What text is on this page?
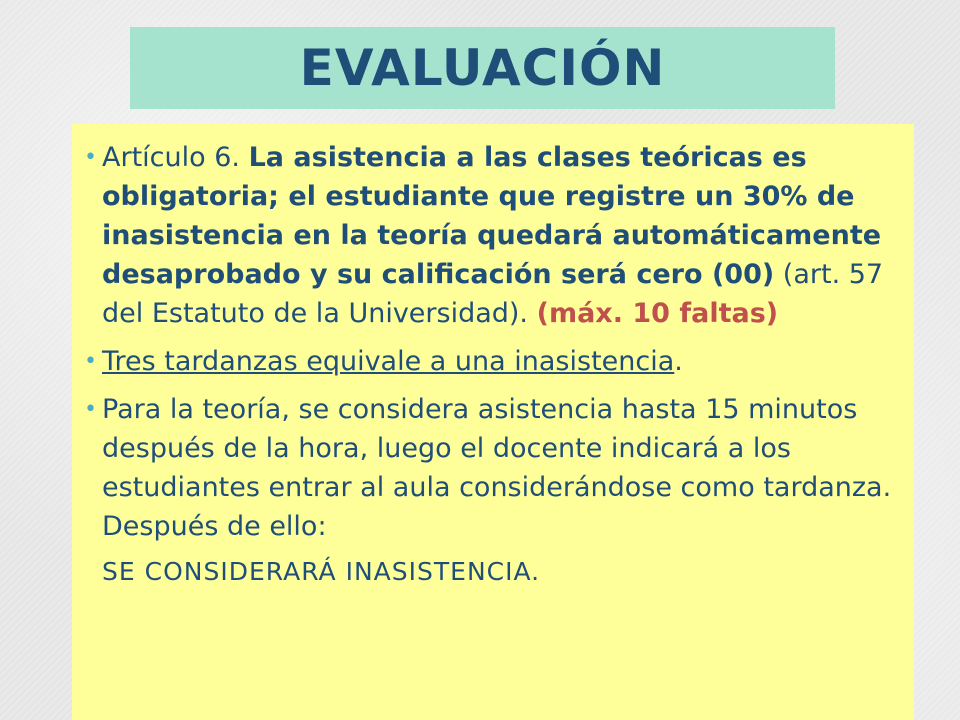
EVALUACIÓN
• Artículo 6. La asistencia a las clases teóricas es obligatoria; el estudiante que registre un 30% de inasistencia en la teoría quedará automáticamente desaprobado y su calificación será cero (00) (art. 57 del Estatuto de la Universidad). (máx. 10 faltas)
• Tres tardanzas equivale a una inasistencia.
• Para la teoría, se considera asistencia hasta 15 minutos después de la hora, luego el docente indicará a los estudiantes entrar al aula considerándose como tardanza. Después de ello:
SE CONSIDERARÁ INASISTENCIA.
